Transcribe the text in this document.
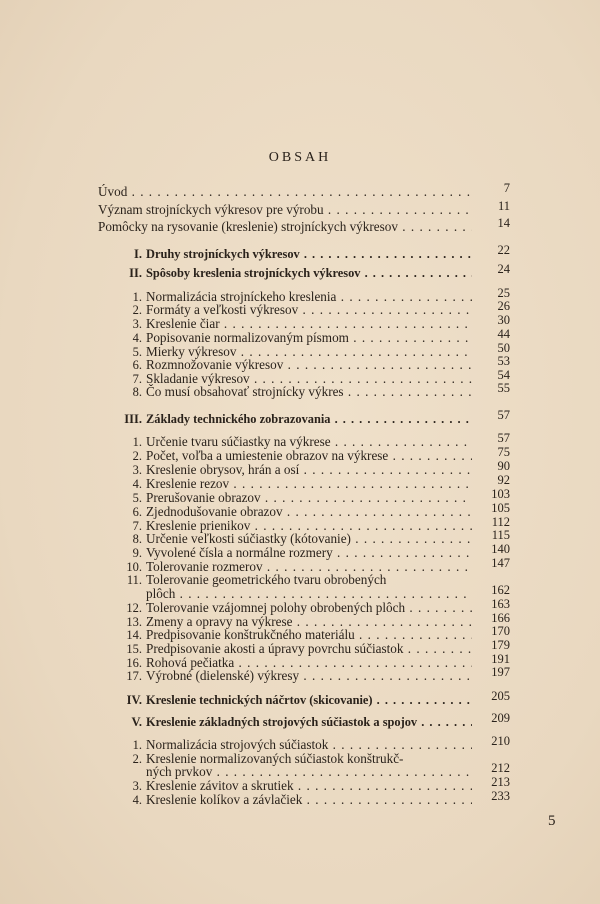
OBSAH
Úvod . . .	7
Význam strojníckych výkresov pre výrobu . . .	11
Pomôcky na rysovanie (kreslenie) strojníckych výkresov . . .	14
I. Druhy strojníckych výkresov . . .	22
II. Spôsoby kreslenia strojníckych výkresov . . .	24
1. Normalizácia strojníckeho kreslenia . . .	25
2. Formáty a veľkosti výkresov . . .	26
3. Kreslenie čiar . . .	30
4. Popisovanie normalizovaným písmom . . .	44
5. Mierky výkresov . . .	50
6. Rozmnožovanie výkresov . . .	53
7. Skladanie výkresov . . .	54
8. Čo musí obsahovať strojnícky výkres . . .	55
III. Základy technického zobrazovania . . .	57
1. Určenie tvaru súčiastky na výkrese . . .	57
2. Počet, voľba a umiestenie obrazov na výkrese . . .	75
3. Kreslenie obrysov, hrán a osí . . .	90
4. Kreslenie rezov . . .	92
5. Prerušovanie obrazov . . .	103
6. Zjednodušovanie obrazov . . .	105
7. Kreslenie prienikov . . .	112
8. Určenie veľkosti súčiastky (kótovanie) . . .	115
9. Vyvolené čísla a normálne rozmery . . .	140
10. Tolerovanie rozmerov . . .	147
11. Tolerovanie geometrického tvaru obrobených
plôch . . .	162
12. Tolerovanie vzájomnej polohy obrobených plôch . . .	163
13. Zmeny a opravy na výkrese . . .	166
14. Predpisovanie konštrukčného materiálu . . .	170
15. Predpisovanie akosti a úpravy povrchu súčiastok . . .	179
16. Rohová pečiatka . . .	191
17. Výrobné (dielenské) výkresy . . .	197
IV. Kreslenie technických náčrtov (skicovanie) . . .	205
V. Kreslenie základných strojových súčiastok a spojov . . .	209
1. Normalizácia strojových súčiastok . . .	210
2. Kreslenie normalizovaných súčiastok konštrukč-
ných prvkov . . .	212
3. Kreslenie závitov a skrutiek . . .	213
4. Kreslenie kolíkov a závlačiek . . .	233
5
